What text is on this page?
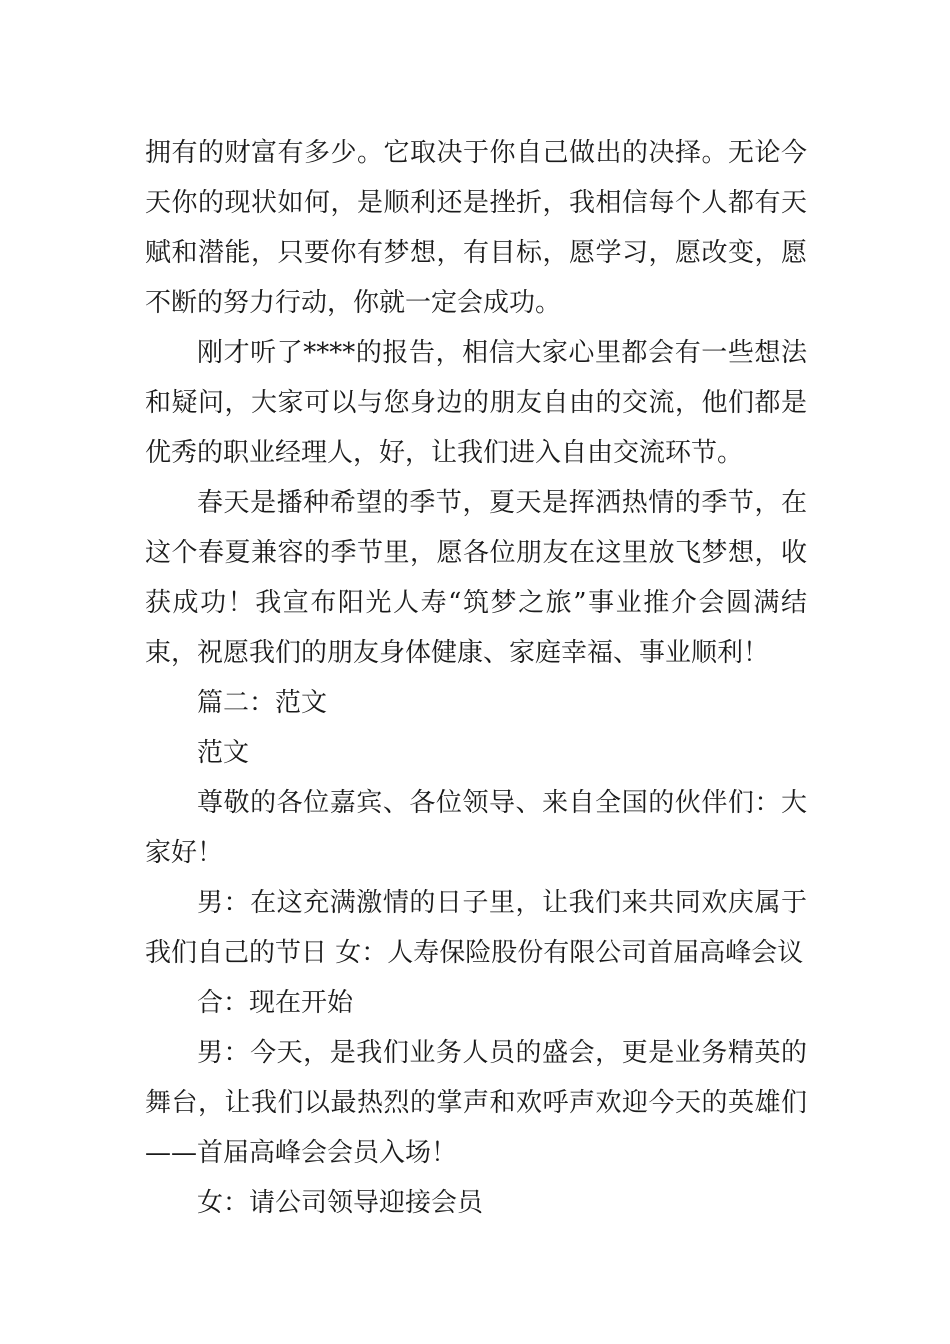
拥有的财富有多少。它取决于你自己做出的决择。无论今
天你的现状如何，是顺利还是挫折，我相信每个人都有天
赋和潜能，只要你有梦想，有目标，愿学习，愿改变，愿
不断的努力行动，你就一定会成功。
刚才听了****的报告，相信大家心里都会有一些想法
和疑问，大家可以与您身边的朋友自由的交流，他们都是
优秀的职业经理人，好，让我们进入自由交流环节。
春天是播种希望的季节，夏天是挥洒热情的季节，在
这个春夏兼容的季节里，愿各位朋友在这里放飞梦想，收
获成功！我宣布阳光人寿“筑梦之旅”事业推介会圆满结
束，祝愿我们的朋友身体健康、家庭幸福、事业顺利！
篇二：范文
范文
尊敬的各位嘉宾、各位领导、来自全国的伙伴们：大
家好！
男：在这充满激情的日子里，让我们来共同欢庆属于
我们自己的节日 女：人寿保险股份有限公司首届高峰会议
合：现在开始
男：今天，是我们业务人员的盛会，更是业务精英的
舞台，让我们以最热烈的掌声和欢呼声欢迎今天的英雄们
——首届高峰会会员入场！
女：请公司领导迎接会员
